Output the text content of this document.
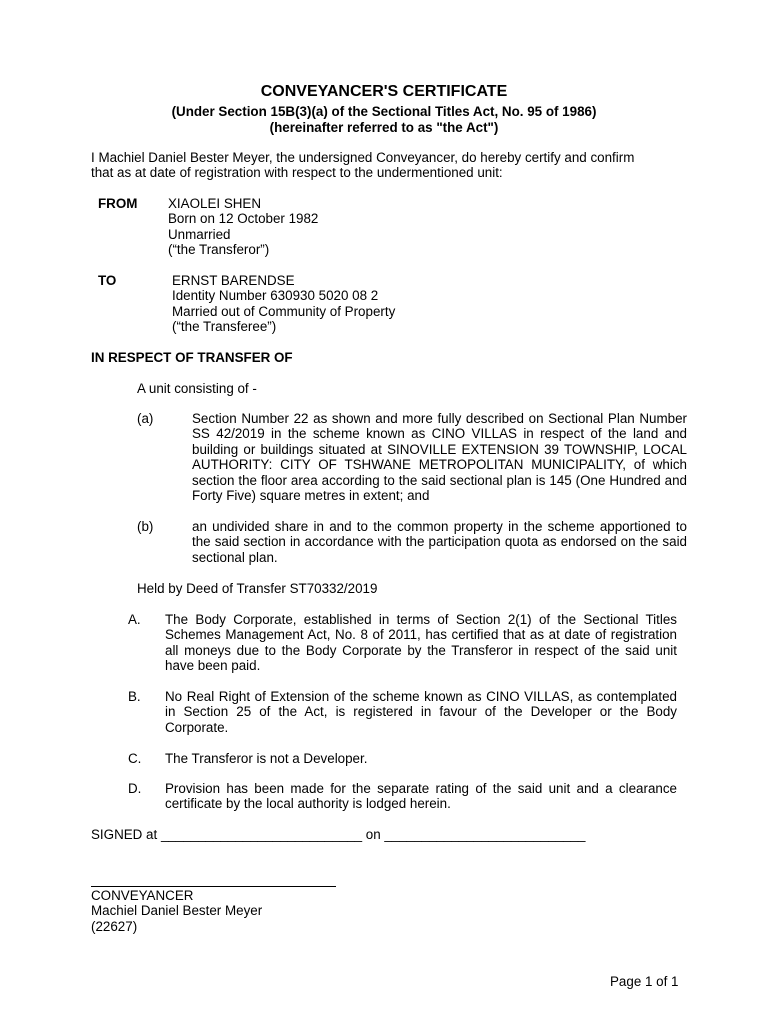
CONVEYANCER'S CERTIFICATE
(Under Section 15B(3)(a) of the Sectional Titles Act, No. 95 of 1986)
(hereinafter referred to as "the Act")
I Machiel Daniel Bester Meyer, the undersigned Conveyancer, do hereby certify and confirm
that as at date of registration with respect to the undermentioned unit:
FROM XIAOLEI SHEN
Born on 12 October 1982
Unmarried
(“the Transferor”)
TO	ERNST BARENDSE
Identity Number 630930 5020 08 2
Married out of Community of Property
(“the Transferee”)
IN RESPECT OF TRANSFER OF
A unit consisting of -
(a)	Section Number 22 as shown and more fully described on Sectional Plan Number SS 42/2019 in the scheme known as CINO VILLAS in respect of the land and building or buildings situated at SINOVILLE EXTENSION 39 TOWNSHIP, LOCAL AUTHORITY: CITY OF TSHWANE METROPOLITAN MUNICIPALITY, of which section the floor area according to the said sectional plan is 145 (One Hundred and Forty Five) square metres in extent; and
(b)	an undivided share in and to the common property in the scheme apportioned to the said section in accordance with the participation quota as endorsed on the said sectional plan.
Held by Deed of Transfer ST70332/2019
A. The Body Corporate, established in terms of Section 2(1) of the Sectional Titles Schemes Management Act, No. 8 of 2011, has certified that as at date of registration all moneys due to the Body Corporate by the Transferor in respect of the said unit have been paid.
B. No Real Right of Extension of the scheme known as CINO VILLAS, as contemplated in Section 25 of the Act, is registered in favour of the Developer or the Body Corporate.
C. The Transferor is not a Developer.
D. Provision has been made for the separate rating of the said unit and a clearance certificate by the local authority is lodged herein.
SIGNED at ___________________________ on ___________________________
CONVEYANCER
Machiel Daniel Bester Meyer
(22627)
Page 1 of 1
